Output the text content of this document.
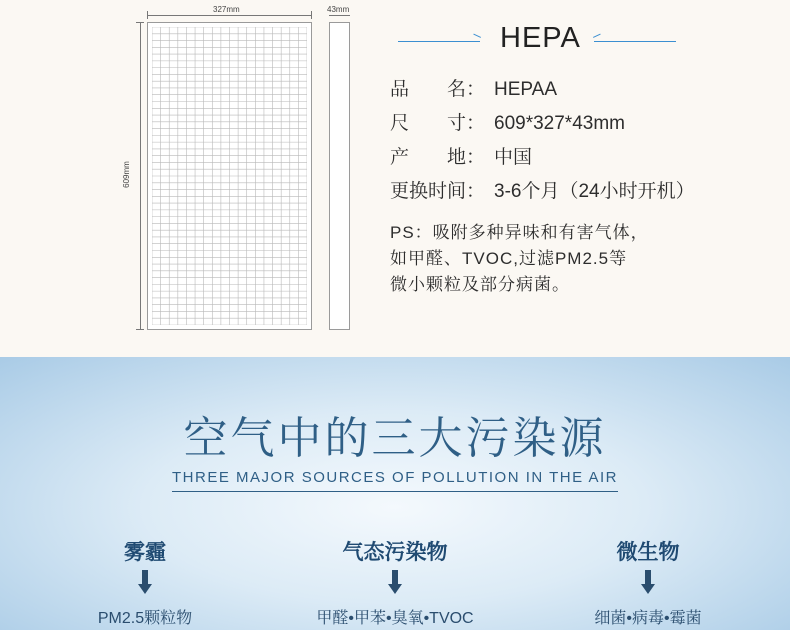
327mm	43mm
609mm
HEPA
品　　名： HEPAA
尺　　寸： 609*327*43mm
产　　地： 中国
更换时间： 3-6个月（24小时开机）
PS：吸附多种异味和有害气体，
如甲醛、TVOC,过滤PM2.5等
微小颗粒及部分病菌。
空气中的三大污染源
THREE MAJOR SOURCES OF POLLUTION IN THE AIR
雾霾
PM2.5颗粒物
气态污染物
甲醛•甲苯•臭氧•TVOC
微生物
细菌•病毒•霉菌
